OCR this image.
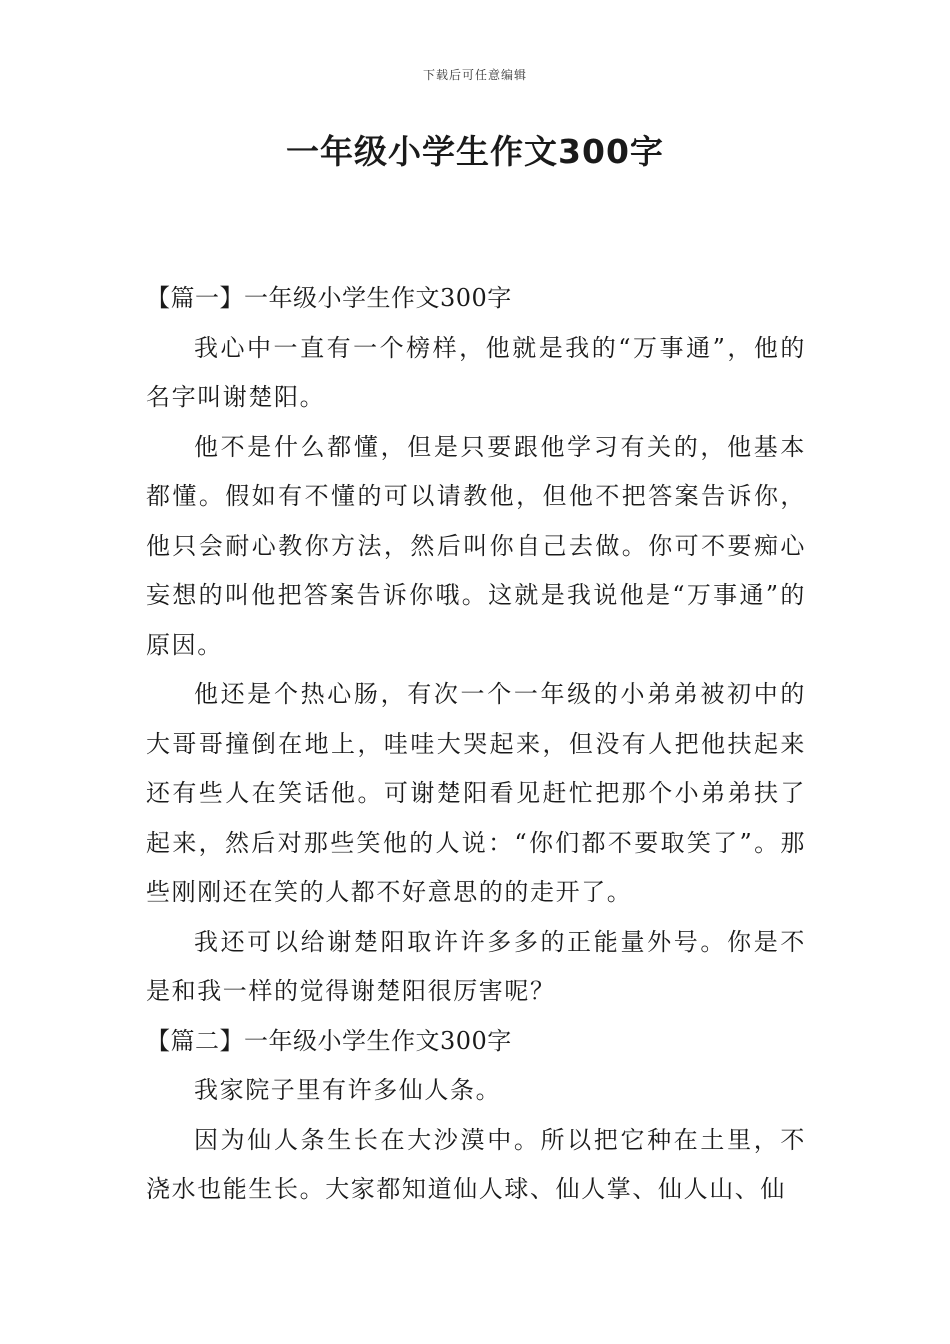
下载后可任意编辑
一年级小学生作文300字

【篇一】一年级小学生作文300字

我心中一直有一个榜样，他就是我的“万事通”，他的名字叫谢楚阳。

他不是什么都懂，但是只要跟他学习有关的，他基本都懂。假如有不懂的可以请教他，但他不把答案告诉你，他只会耐心教你方法，然后叫你自己去做。你可不要痴心妄想的叫他把答案告诉你哦。这就是我说他是“万事通”的原因。

他还是个热心肠，有次一个一年级的小弟弟被初中的大哥哥撞倒在地上，哇哇大哭起来，但没有人把他扶起来还有些人在笑话他。可谢楚阳看见赶忙把那个小弟弟扶了起来，然后对那些笑他的人说：“你们都不要取笑了”。那些刚刚还在笑的人都不好意思的的走开了。

我还可以给谢楚阳取许许多多的正能量外号。你是不是和我一样的觉得谢楚阳很厉害呢？

【篇二】一年级小学生作文300字

我家院子里有许多仙人条。

因为仙人条生长在大沙漠中。所以把它种在土里，不浇水也能生长。大家都知道仙人球、仙人掌、仙人山、仙
